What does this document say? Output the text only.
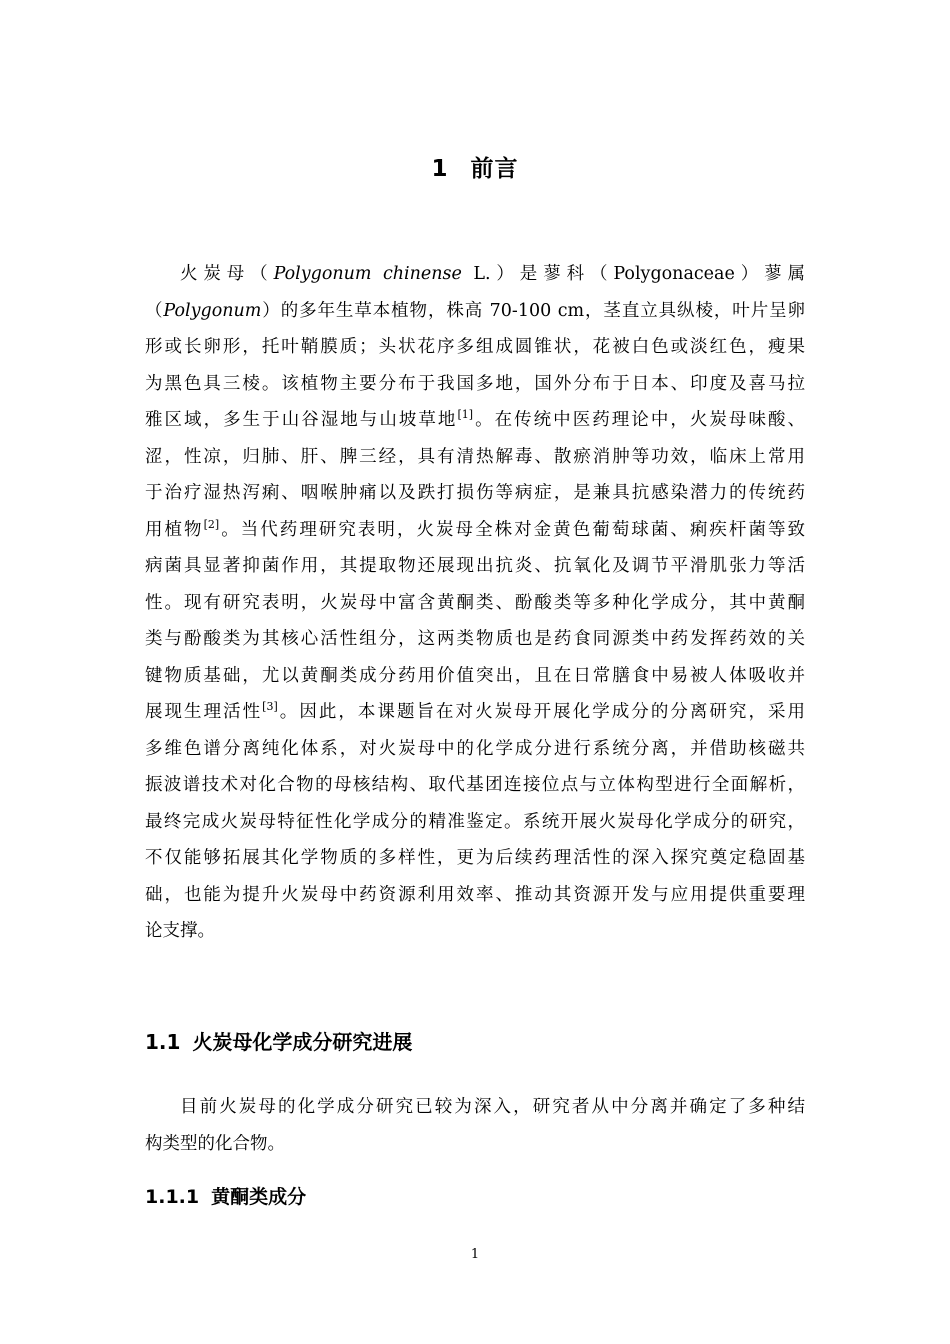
1 前言
火炭母（Polygonum chinense L.）是蓼科（Polygonaceae）蓼属
（Polygonum）的多年生草本植物，株高 70-100 cm，茎直立具纵棱，叶片呈卵
形或长卵形，托叶鞘膜质；头状花序多组成圆锥状，花被白色或淡红色，瘦果
为黑色具三棱。该植物主要分布于我国多地，国外分布于日本、印度及喜马拉
雅区域，多生于山谷湿地与山坡草地[1]。在传统中医药理论中，火炭母味酸、
涩，性凉，归肺、肝、脾三经，具有清热解毒、散瘀消肿等功效，临床上常用
于治疗湿热泻痢、咽喉肿痛以及跌打损伤等病症，是兼具抗感染潜力的传统药
用植物[2]。当代药理研究表明，火炭母全株对金黄色葡萄球菌、痢疾杆菌等致
病菌具显著抑菌作用，其提取物还展现出抗炎、抗氧化及调节平滑肌张力等活
性。现有研究表明，火炭母中富含黄酮类、酚酸类等多种化学成分，其中黄酮
类与酚酸类为其核心活性组分，这两类物质也是药食同源类中药发挥药效的关
键物质基础，尤以黄酮类成分药用价值突出，且在日常膳食中易被人体吸收并
展现生理活性[3]。因此，本课题旨在对火炭母开展化学成分的分离研究，采用
多维色谱分离纯化体系，对火炭母中的化学成分进行系统分离，并借助核磁共
振波谱技术对化合物的母核结构、取代基团连接位点与立体构型进行全面解析，
最终完成火炭母特征性化学成分的精准鉴定。系统开展火炭母化学成分的研究，
不仅能够拓展其化学物质的多样性，更为后续药理活性的深入探究奠定稳固基
础，也能为提升火炭母中药资源利用效率、推动其资源开发与应用提供重要理
论支撑。
1.1 火炭母化学成分研究进展
目前火炭母的化学成分研究已较为深入，研究者从中分离并确定了多种结
构类型的化合物。
1.1.1 黄酮类成分
1
